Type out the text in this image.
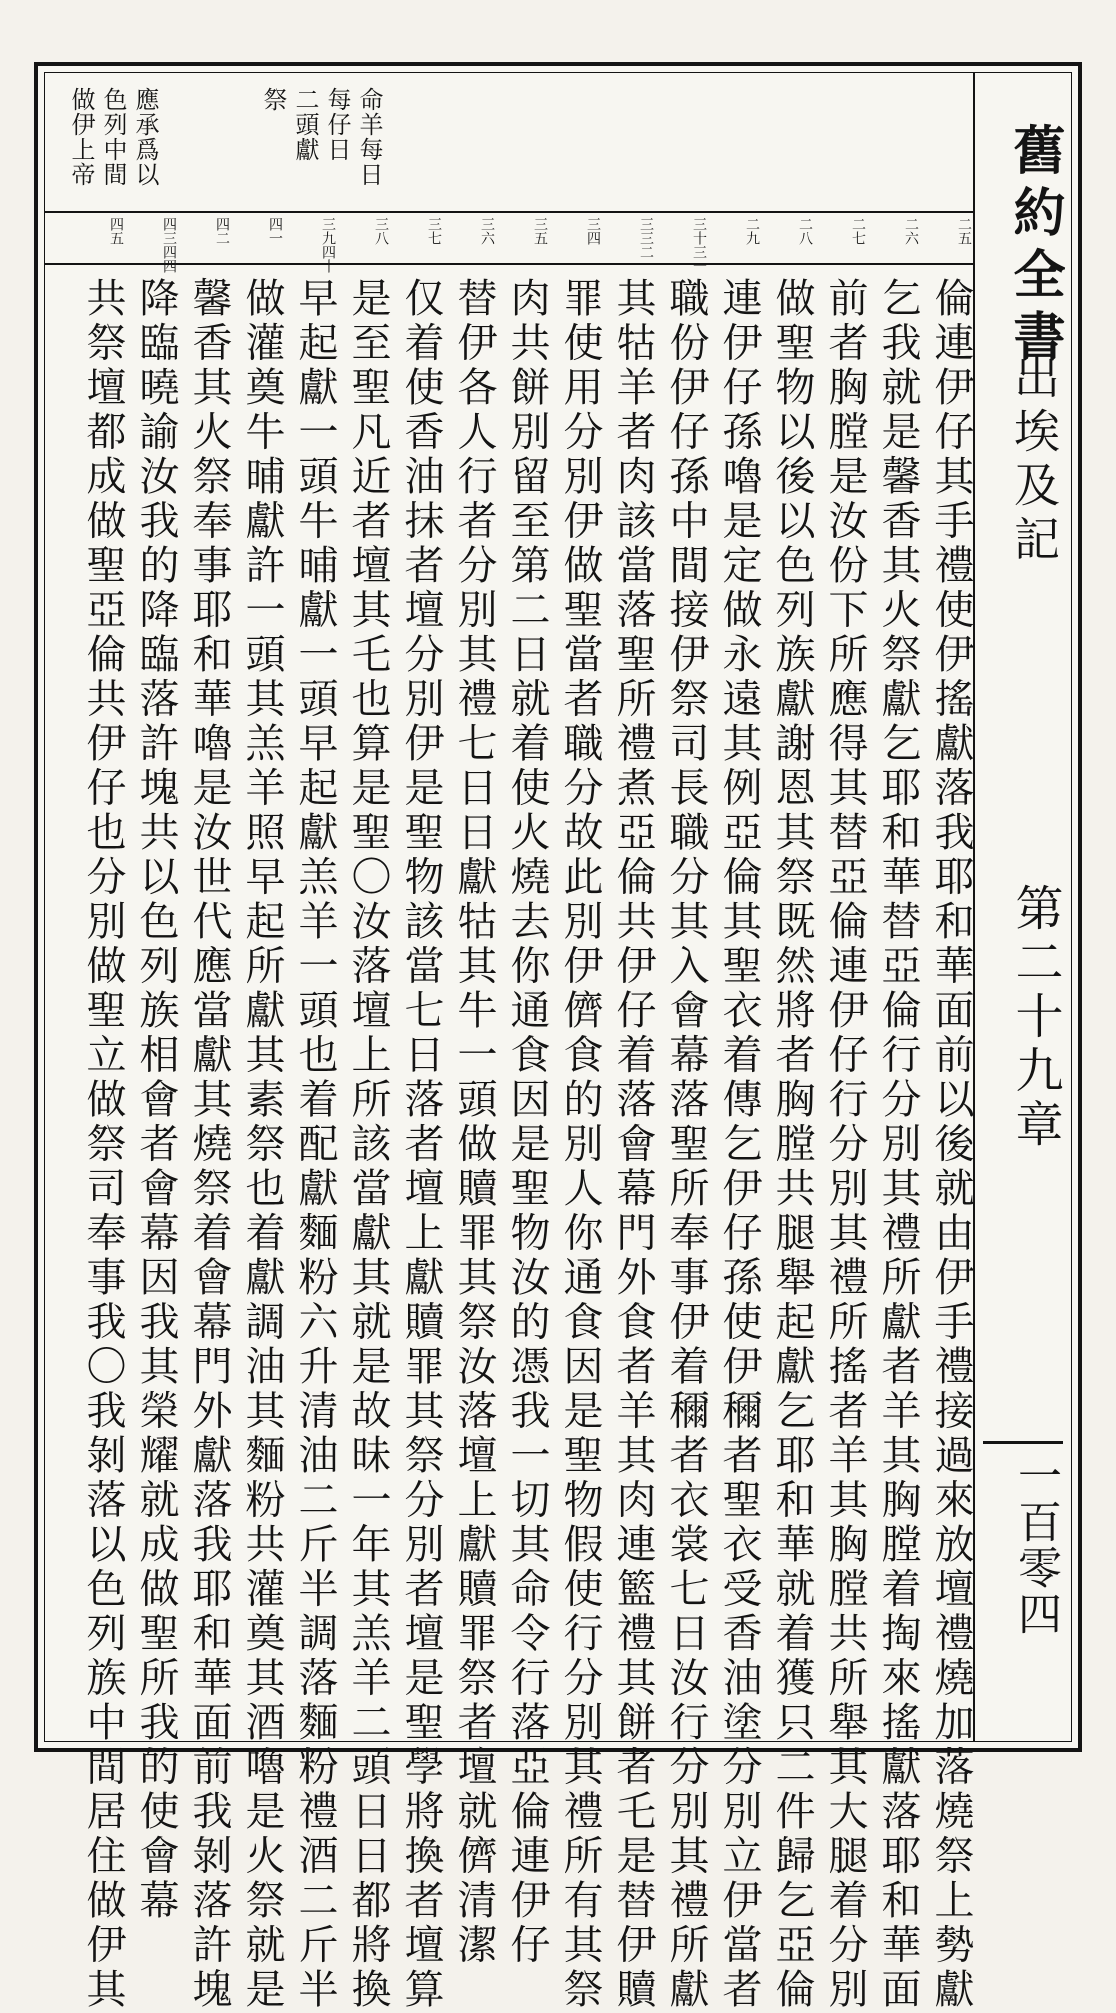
舊約全書
出埃及記
第二十九章
一百零四
命羊每日
每仔日
二頭獻
祭
應承爲以
色列中間
做伊上帝
二五
二六
二七
二八
二九
三十三一
三三二
三四
三五
三六
三七
三八
三九四十
四一
四二
四三四四
四五
倫連伊仔其手禮使伊搖獻落我耶和華面前以後就由伊手禮接過來放壇禮燒加落燒祭上勢獻
乞我就是馨香其火祭獻乞耶和華替亞倫行分別其禮所獻者羊其胸膛着掏來搖獻落耶和華面
前者胸膛是汝份下所應得其替亞倫連伊仔行分別其禮所搖者羊其胸膛共所舉其大腿着分別
做聖物以後以色列族獻謝恩其祭既然將者胸膛共腿舉起獻乞耶和華就着獲只二件歸乞亞倫
連伊仔孫嚕是定做永遠其例亞倫其聖衣着傳乞伊仔孫使伊穪者聖衣受香油塗分別立伊當者
職份伊仔孫中間接伊祭司長職分其入會幕落聖所奉事伊着穪者衣裳七日汝行分別其禮所獻
其牯羊者肉該當落聖所禮煮亞倫共伊仔着落會幕門外食者羊其肉連籃禮其餅者乇是替伊贖
罪使用分別伊做聖當者職分故此別伊儕食的別人你通食因是聖物假使行分別其禮所有其祭
肉共餅別留至第二日就着使火燒去你通食因是聖物汝的憑我一切其命令行落亞倫連伊仔
替伊各人行者分別其禮七日日獻牯其牛一頭做贖罪其祭汝落壇上獻贖罪祭者壇就儕清潔
仅着使香油抹者壇分別伊是聖物該當七日落者壇上獻贖罪其祭分別者壇是聖學將換者壇算
是至聖凡近者壇其乇也算是聖〇汝落壇上所該當獻其就是故昧一年其羔羊二頭日日都將換
早起獻一頭牛晡獻一頭早起獻羔羊一頭也着配獻麵粉六升清油二斤半調落麵粉禮酒二斤半
做灌奠牛晡獻許一頭其羔羊照早起所獻其素祭也着獻調油其麵粉共灌奠其酒嚕是火祭就是
馨香其火祭奉事耶和華嚕是汝世代應當獻其燒祭着會幕門外獻落我耶和華面前我剝落許塊
降臨曉諭汝我的降臨落許塊共以色列族相會者會幕因我其榮耀就成做聖所我的使會幕
共祭壇都成做聖亞倫共伊仔也分別做聖立做祭司奉事我〇我剝落以色列族中間居住做伊其
